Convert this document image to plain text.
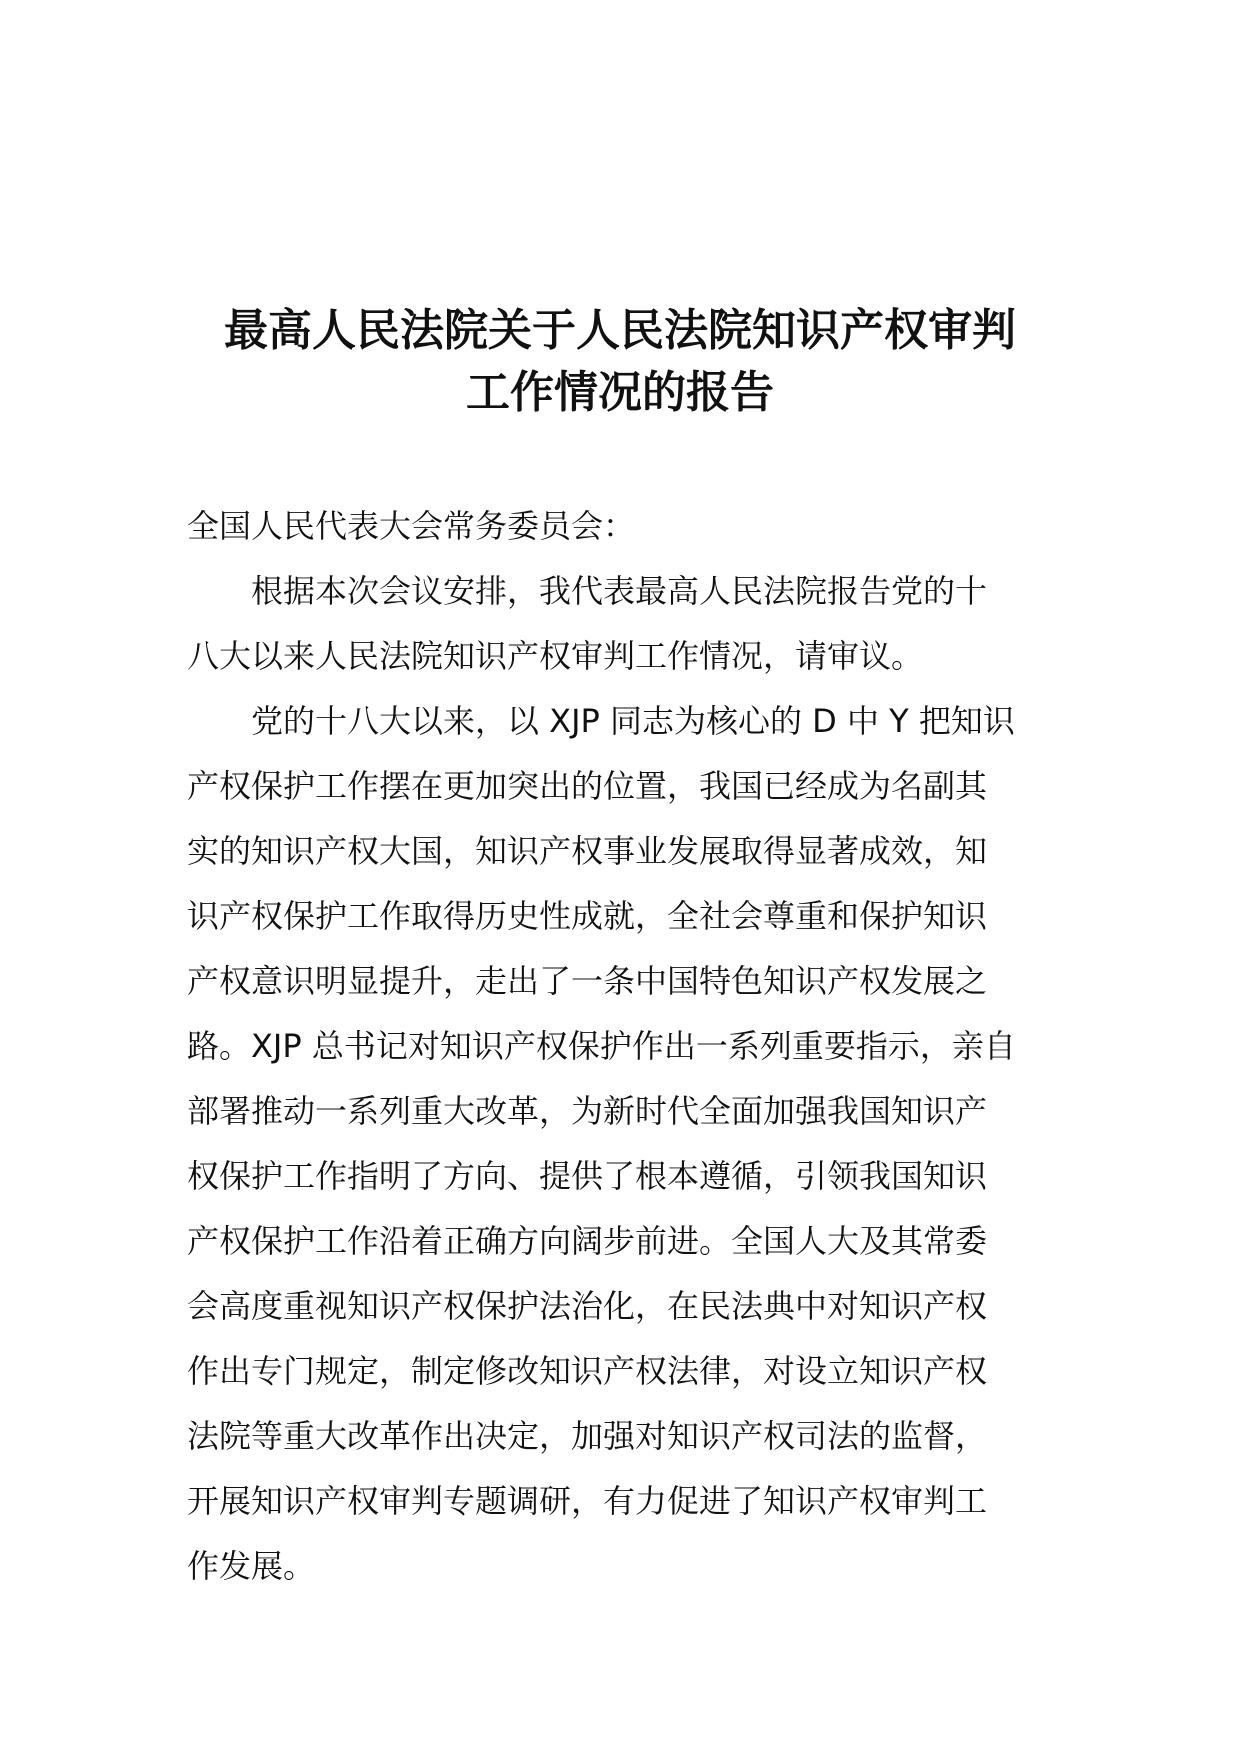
最高人民法院关于人民法院知识产权审判
工作情况的报告
全国人民代表大会常务委员会：
根据本次会议安排，我代表最高人民法院报告党的十
八大以来人民法院知识产权审判工作情况，请审议。
党的十八大以来，以 XJP 同志为核心的 D 中 Y 把知识
产权保护工作摆在更加突出的位置，我国已经成为名副其
实的知识产权大国，知识产权事业发展取得显著成效，知
识产权保护工作取得历史性成就，全社会尊重和保护知识
产权意识明显提升，走出了一条中国特色知识产权发展之
路。XJP 总书记对知识产权保护作出一系列重要指示，亲自
部署推动一系列重大改革，为新时代全面加强我国知识产
权保护工作指明了方向、提供了根本遵循，引领我国知识
产权保护工作沿着正确方向阔步前进。全国人大及其常委
会高度重视知识产权保护法治化，在民法典中对知识产权
作出专门规定，制定修改知识产权法律，对设立知识产权
法院等重大改革作出决定，加强对知识产权司法的监督，
开展知识产权审判专题调研，有力促进了知识产权审判工
作发展。
